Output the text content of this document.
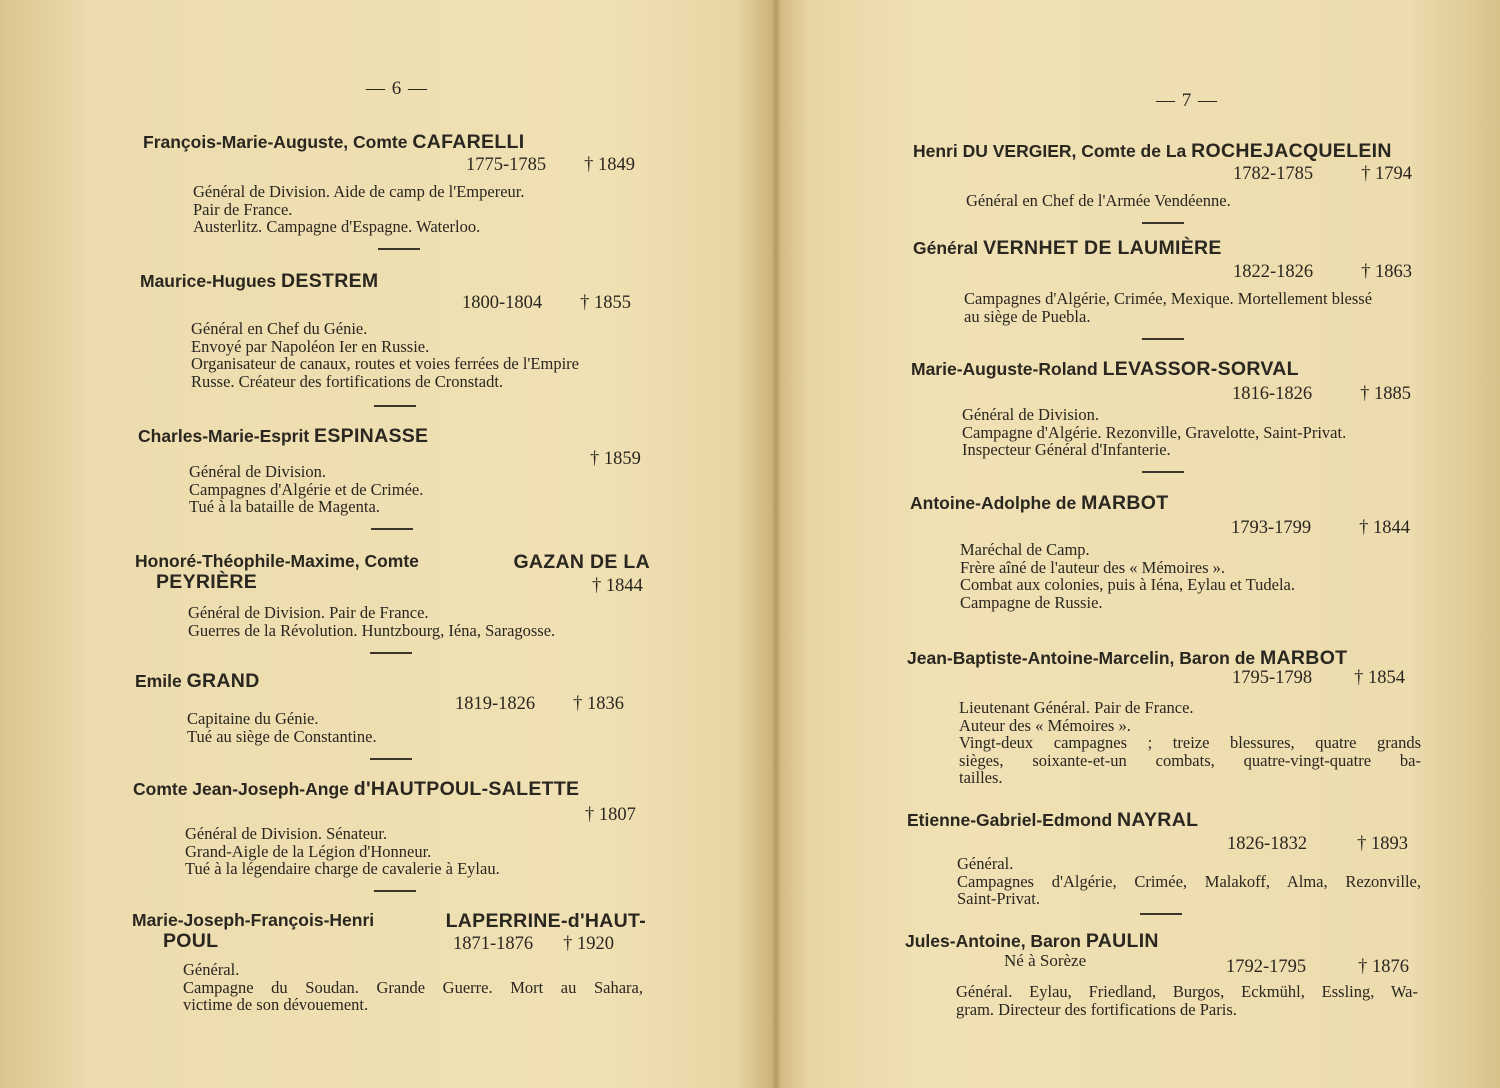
— 6 —
François-Marie-Auguste, Comte CAFARELLI
1775-1785 † 1849
Général de Division. Aide de camp de l'Empereur.
Pair de France.
Austerlitz. Campagne d'Espagne. Waterloo.
Maurice-Hugues DESTREM
1800-1804 † 1855
Général en Chef du Génie.
Envoyé par Napoléon Ier en Russie.
Organisateur de canaux, routes et voies ferrées de l'Empire
Russe. Créateur des fortifications de Cronstadt.
Charles-Marie-Esprit ESPINASSE
† 1859
Général de Division.
Campagnes d'Algérie et de Crimée.
Tué à la bataille de Magenta.
Honoré-Théophile-Maxime, Comte	GAZAN DE LA
PEYRIÈRE	† 1844
Général de Division. Pair de France.
Guerres de la Révolution. Huntzbourg, Iéna, Saragosse.
Emile GRAND
1819-1826 † 1836
Capitaine du Génie.
Tué au siège de Constantine.
Comte Jean-Joseph-Ange d'HAUTPOUL-SALETTE
† 1807
Général de Division. Sénateur.
Grand-Aigle de la Légion d'Honneur.
Tué à la légendaire charge de cavalerie à Eylau.
Marie-Joseph-François-Henri	LAPERRINE-d'HAUT-
POUL	1871-1876 † 1920
Général.
Campagne du Soudan. Grande Guerre. Mort au Sahara,
victime de son dévouement.
— 7 —
Henri DU VERGIER, Comte de La ROCHEJACQUELEIN
1782-1785	† 1794
Général en Chef de l'Armée Vendéenne.
Général VERNHET DE LAUMIÈRE
1822-1826	† 1863
Campagnes d'Algérie, Crimée, Mexique. Mortellement blessé
au siège de Puebla.
Marie-Auguste-Roland LEVASSOR-SORVAL
1816-1826	† 1885
Général de Division.
Campagne d'Algérie. Rezonville, Gravelotte, Saint-Privat.
Inspecteur Général d'Infanterie.
Antoine-Adolphe de MARBOT
1793-1799	† 1844
Maréchal de Camp.
Frère aîné de l'auteur des « Mémoires ».
Combat aux colonies, puis à Iéna, Eylau et Tudela.
Campagne de Russie.
Jean-Baptiste-Antoine-Marcelin, Baron de MARBOT
1795-1798 † 1854
Lieutenant Général. Pair de France.
Auteur des « Mémoires ».
Vingt-deux campagnes ; treize blessures, quatre grands
sièges, soixante-et-un combats, quatre-vingt-quatre ba-
tailles.
Etienne-Gabriel-Edmond NAYRAL
1826-1832	† 1893
Général.
Campagnes d'Algérie, Crimée, Malakoff, Alma, Rezonville,
Saint-Privat.
Jules-Antoine, Baron PAULIN
Né à Sorèze	1792-1795	† 1876
Général. Eylau, Friedland, Burgos, Eckmühl, Essling, Wa-
gram. Directeur des fortifications de Paris.
